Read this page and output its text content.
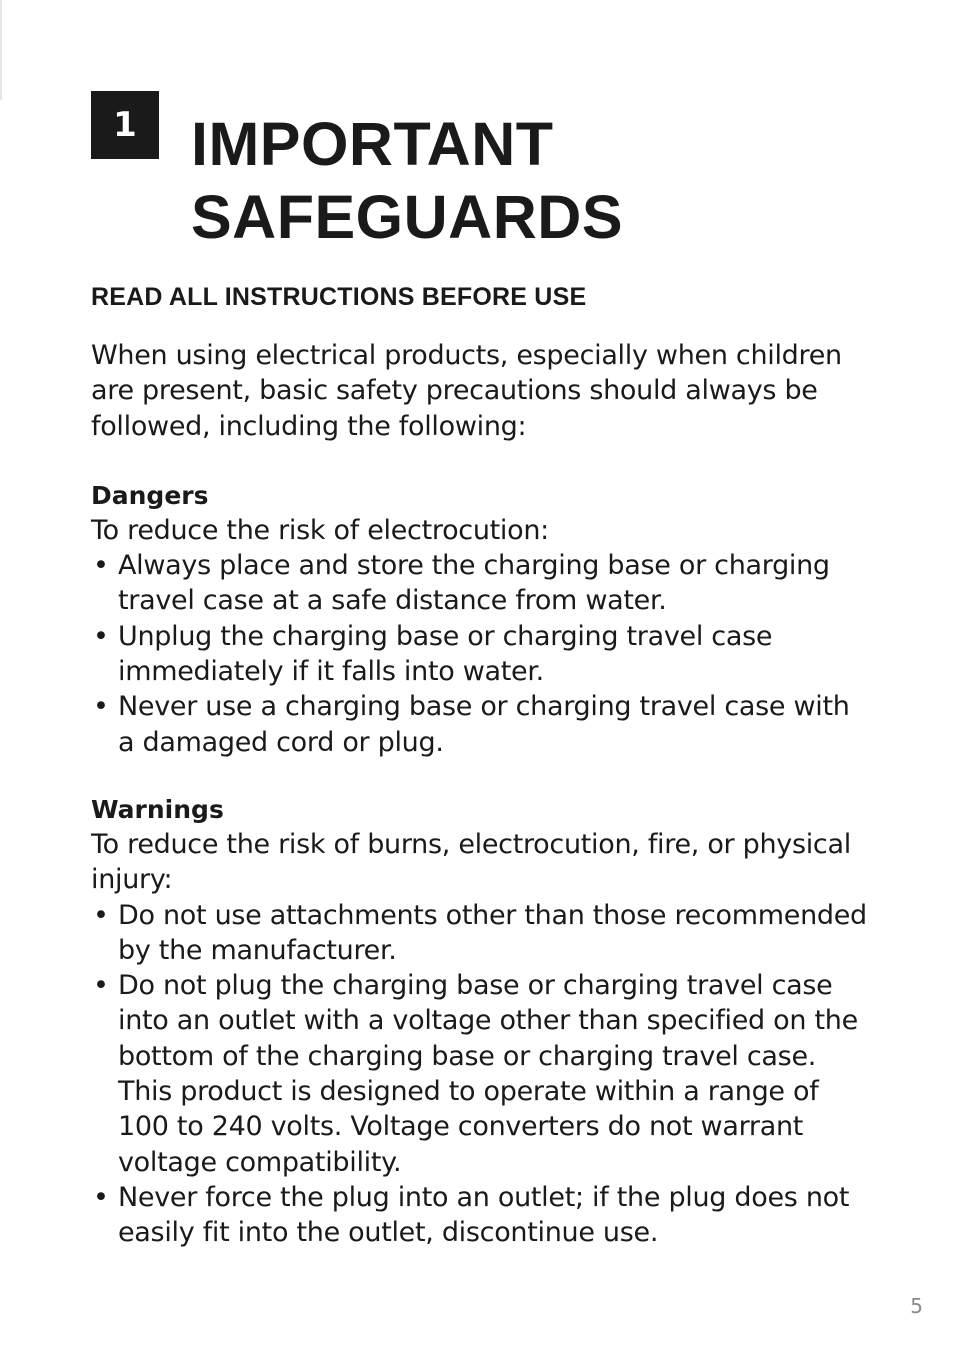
1 IMPORTANT
SAFEGUARDS
READ ALL INSTRUCTIONS BEFORE USE

When using electrical products, especially when children are present, basic safety precautions should always be followed, including the following:

Dangers

To reduce the risk of electrocution:

• Always place and store the charging base or charging travel case at a safe distance from water.
• Unplug the charging base or charging travel case immediately if it falls into water.
• Never use a charging base or charging travel case with a damaged cord or plug.
Warnings

To reduce the risk of burns, electrocution, fire, or physical injury:

• Do not use attachments other than those recommended by the manufacturer.
• Do not plug the charging base or charging travel case into an outlet with a voltage other than specified on the bottom of the charging base or charging travel case. This product is designed to operate within a range of 100 to 240 volts. Voltage converters do not warrant voltage compatibility.
• Never force the plug into an outlet; if the plug does not easily fit into the outlet, discontinue use.
5
